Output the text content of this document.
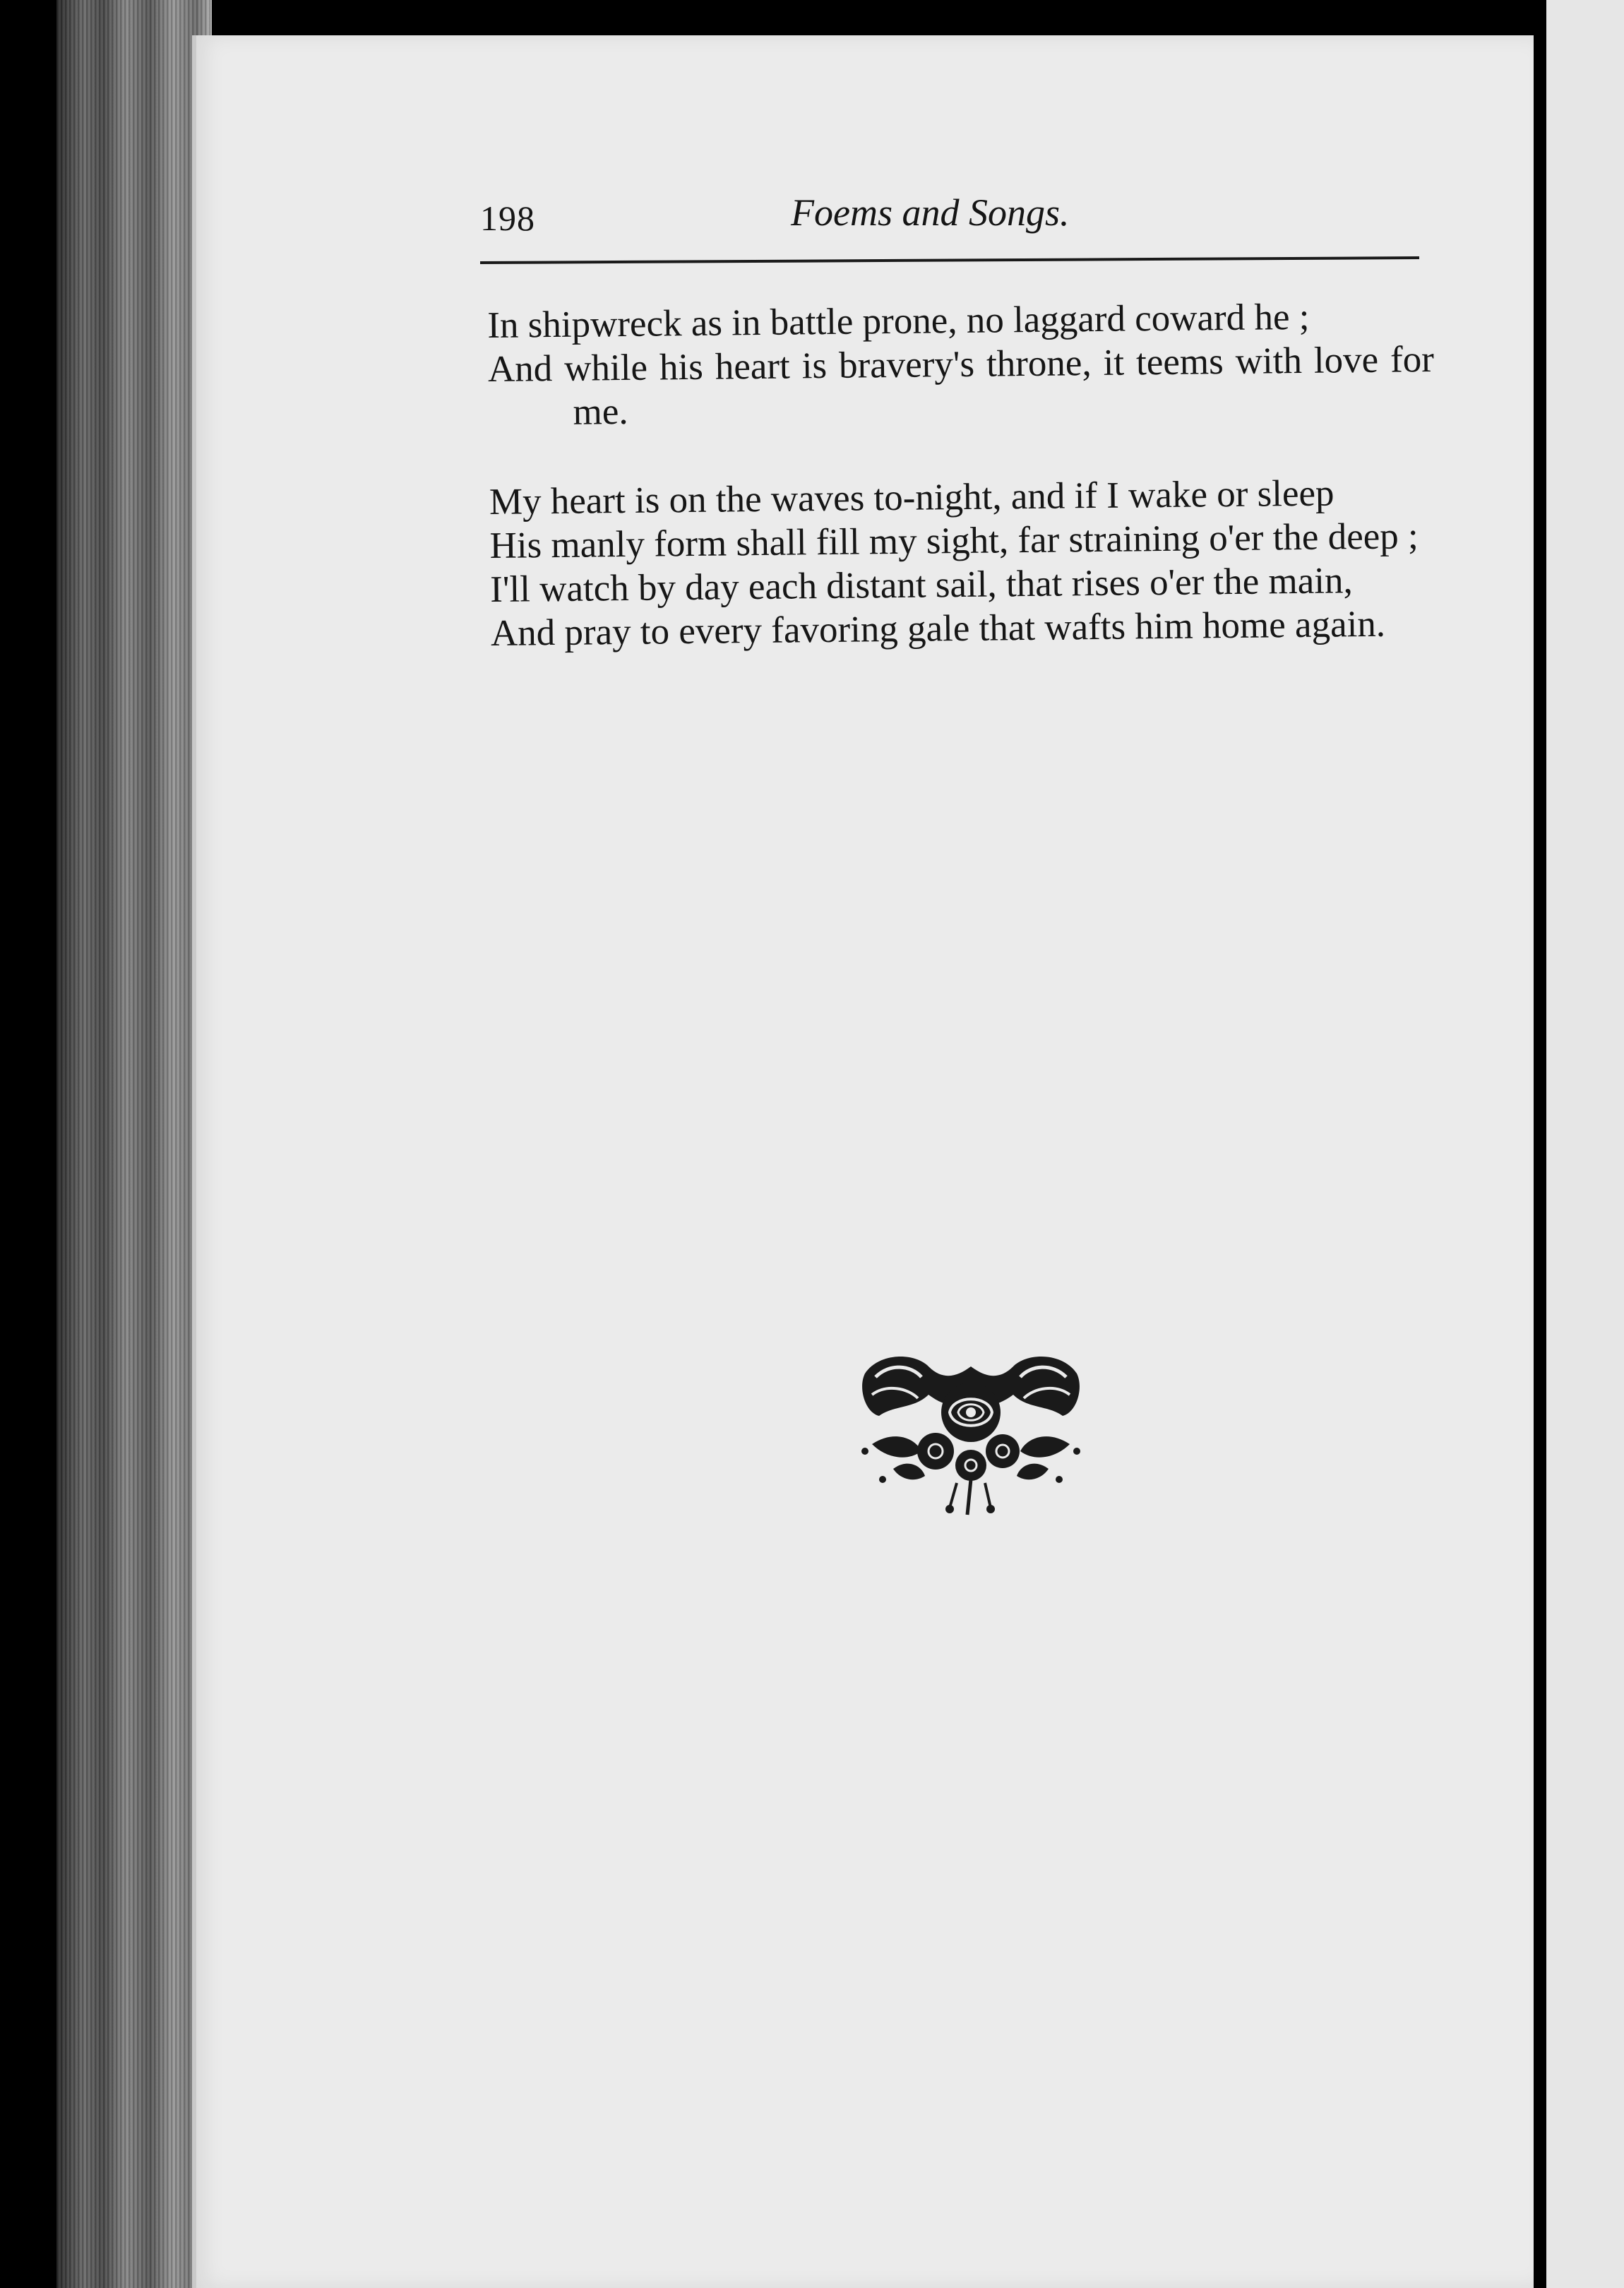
198	Foems and Songs.

In shipwreck as in battle prone, no laggard coward he ;

And while his heart is bravery's throne, it teems with love for me.

My heart is on the waves to-night, and if I wake or sleep

His manly form shall fill my sight, far straining o'er the deep ;

I'll watch by day each distant sail, that rises o'er the main,

And pray to every favoring gale that wafts him home again.
